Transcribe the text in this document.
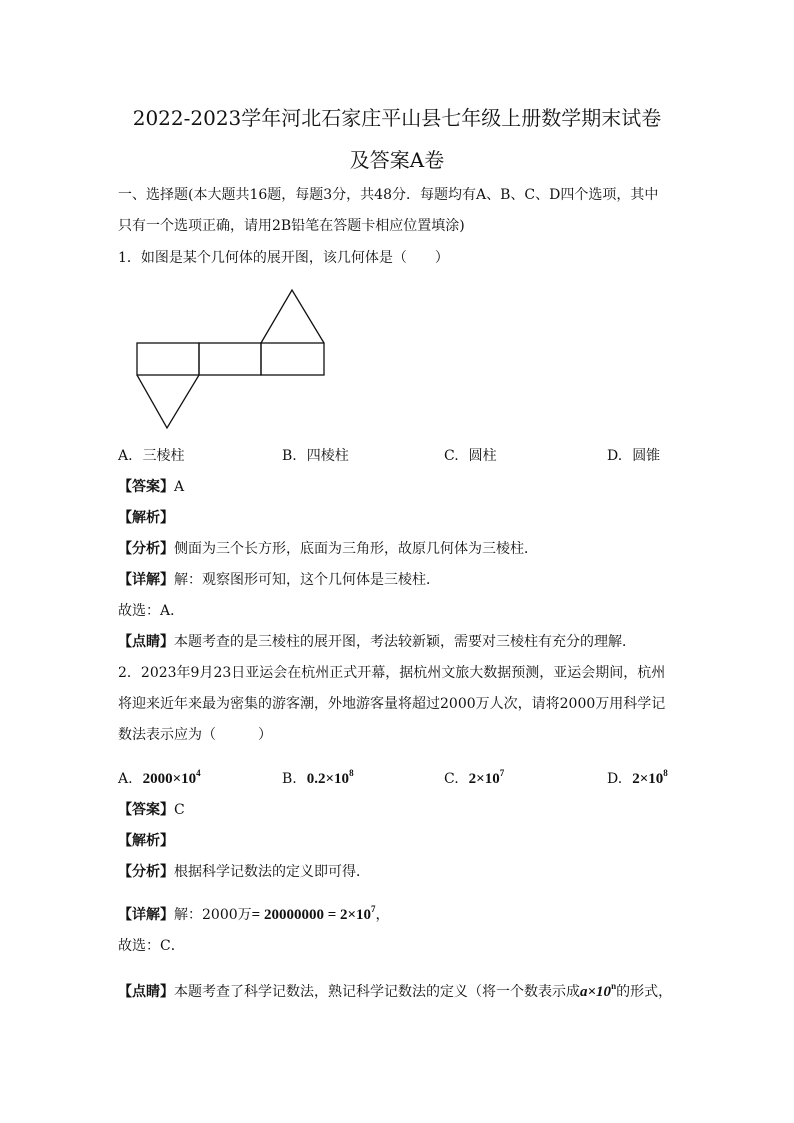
2022-2023学年河北石家庄平山县七年级上册数学期末试卷
及答案A卷
一、选择题(本大题共16题，每题3分，共48分．每题均有A、B、C、D四个选项，其中
只有一个选项正确，请用2B铅笔在答题卡相应位置填涂)
1．如图是某个几何体的展开图，该几何体是（　　）
A. 三棱柱	B. 四棱柱	C. 圆柱	D. 圆锥
【答案】A
【解析】
【分析】侧面为三个长方形，底面为三角形，故原几何体为三棱柱．
【详解】解：观察图形可知，这个几何体是三棱柱．
故选：A．
【点睛】本题考查的是三棱柱的展开图，考法较新颖，需要对三棱柱有充分的理解．
2．2023年9月23日亚运会在杭州正式开幕，据杭州文旅大数据预测，亚运会期间，杭州
将迎来近年来最为密集的游客潮，外地游客量将超过2000万人次，请将2000万用科学记
数法表示应为（　　　）
A. $2000\times 10^4$	B. $0.2\times 10^8$	C. $2\times 10^7$	D. $2\times 10^8$
【答案】C
【解析】
【分析】根据科学记数法的定义即可得．
【详解】解：2000万= $20000000 = 2\times 10^7$，
故选：C．
【点睛】本题考查了科学记数法，熟记科学记数法的定义（将一个数表示成$a\times 10^n$的形式，
